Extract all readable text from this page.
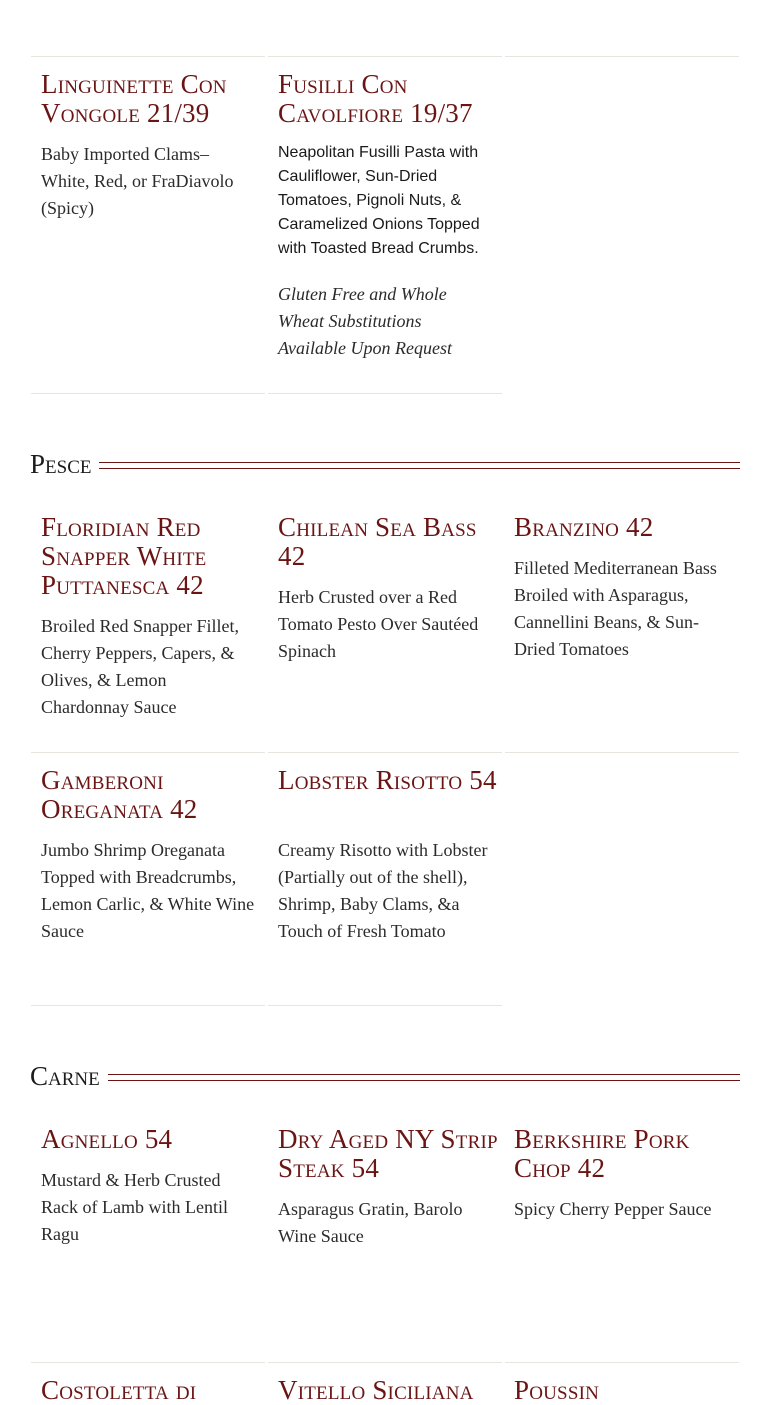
Linguinette Con Vongole 21/39

Baby Imported Clams– White, Red, or FraDiavolo (Spicy)

Fusilli Con Cavolfiore 19/37

Neapolitan Fusilli Pasta with Cauliflower, Sun-Dried Tomatoes, Pignoli Nuts, & Caramelized Onions Topped with Toasted Bread Crumbs.

Gluten Free and Whole Wheat Substitutions Available Upon Request

Pesce
Floridian Red Snapper White Puttanesca 42

Broiled Red Snapper Fillet, Cherry Peppers, Capers, & Olives, & Lemon Chardonnay Sauce

Chilean Sea Bass 42

Herb Crusted over a Red Tomato Pesto Over Sautéed Spinach

Branzino 42

Filleted Mediterranean Bass Broiled with Asparagus, Cannellini Beans, & Sun-Dried Tomatoes

Gamberoni Oreganata 42

Jumbo Shrimp Oreganata Topped with Breadcrumbs, Lemon Carlic, & White Wine Sauce

Lobster Risotto 54

Creamy Risotto with Lobster (Partially out of the shell), Shrimp, Baby Clams, &a Touch of Fresh Tomato

Carne
Agnello 54

Mustard & Herb Crusted Rack of Lamb with Lentil Ragu

Dry Aged NY Strip Steak 54

Asparagus Gratin, Barolo Wine Sauce

Berkshire Pork Chop 42

Spicy Cherry Pepper Sauce

Costoletta di	Vitello Siciliana	Poussin
